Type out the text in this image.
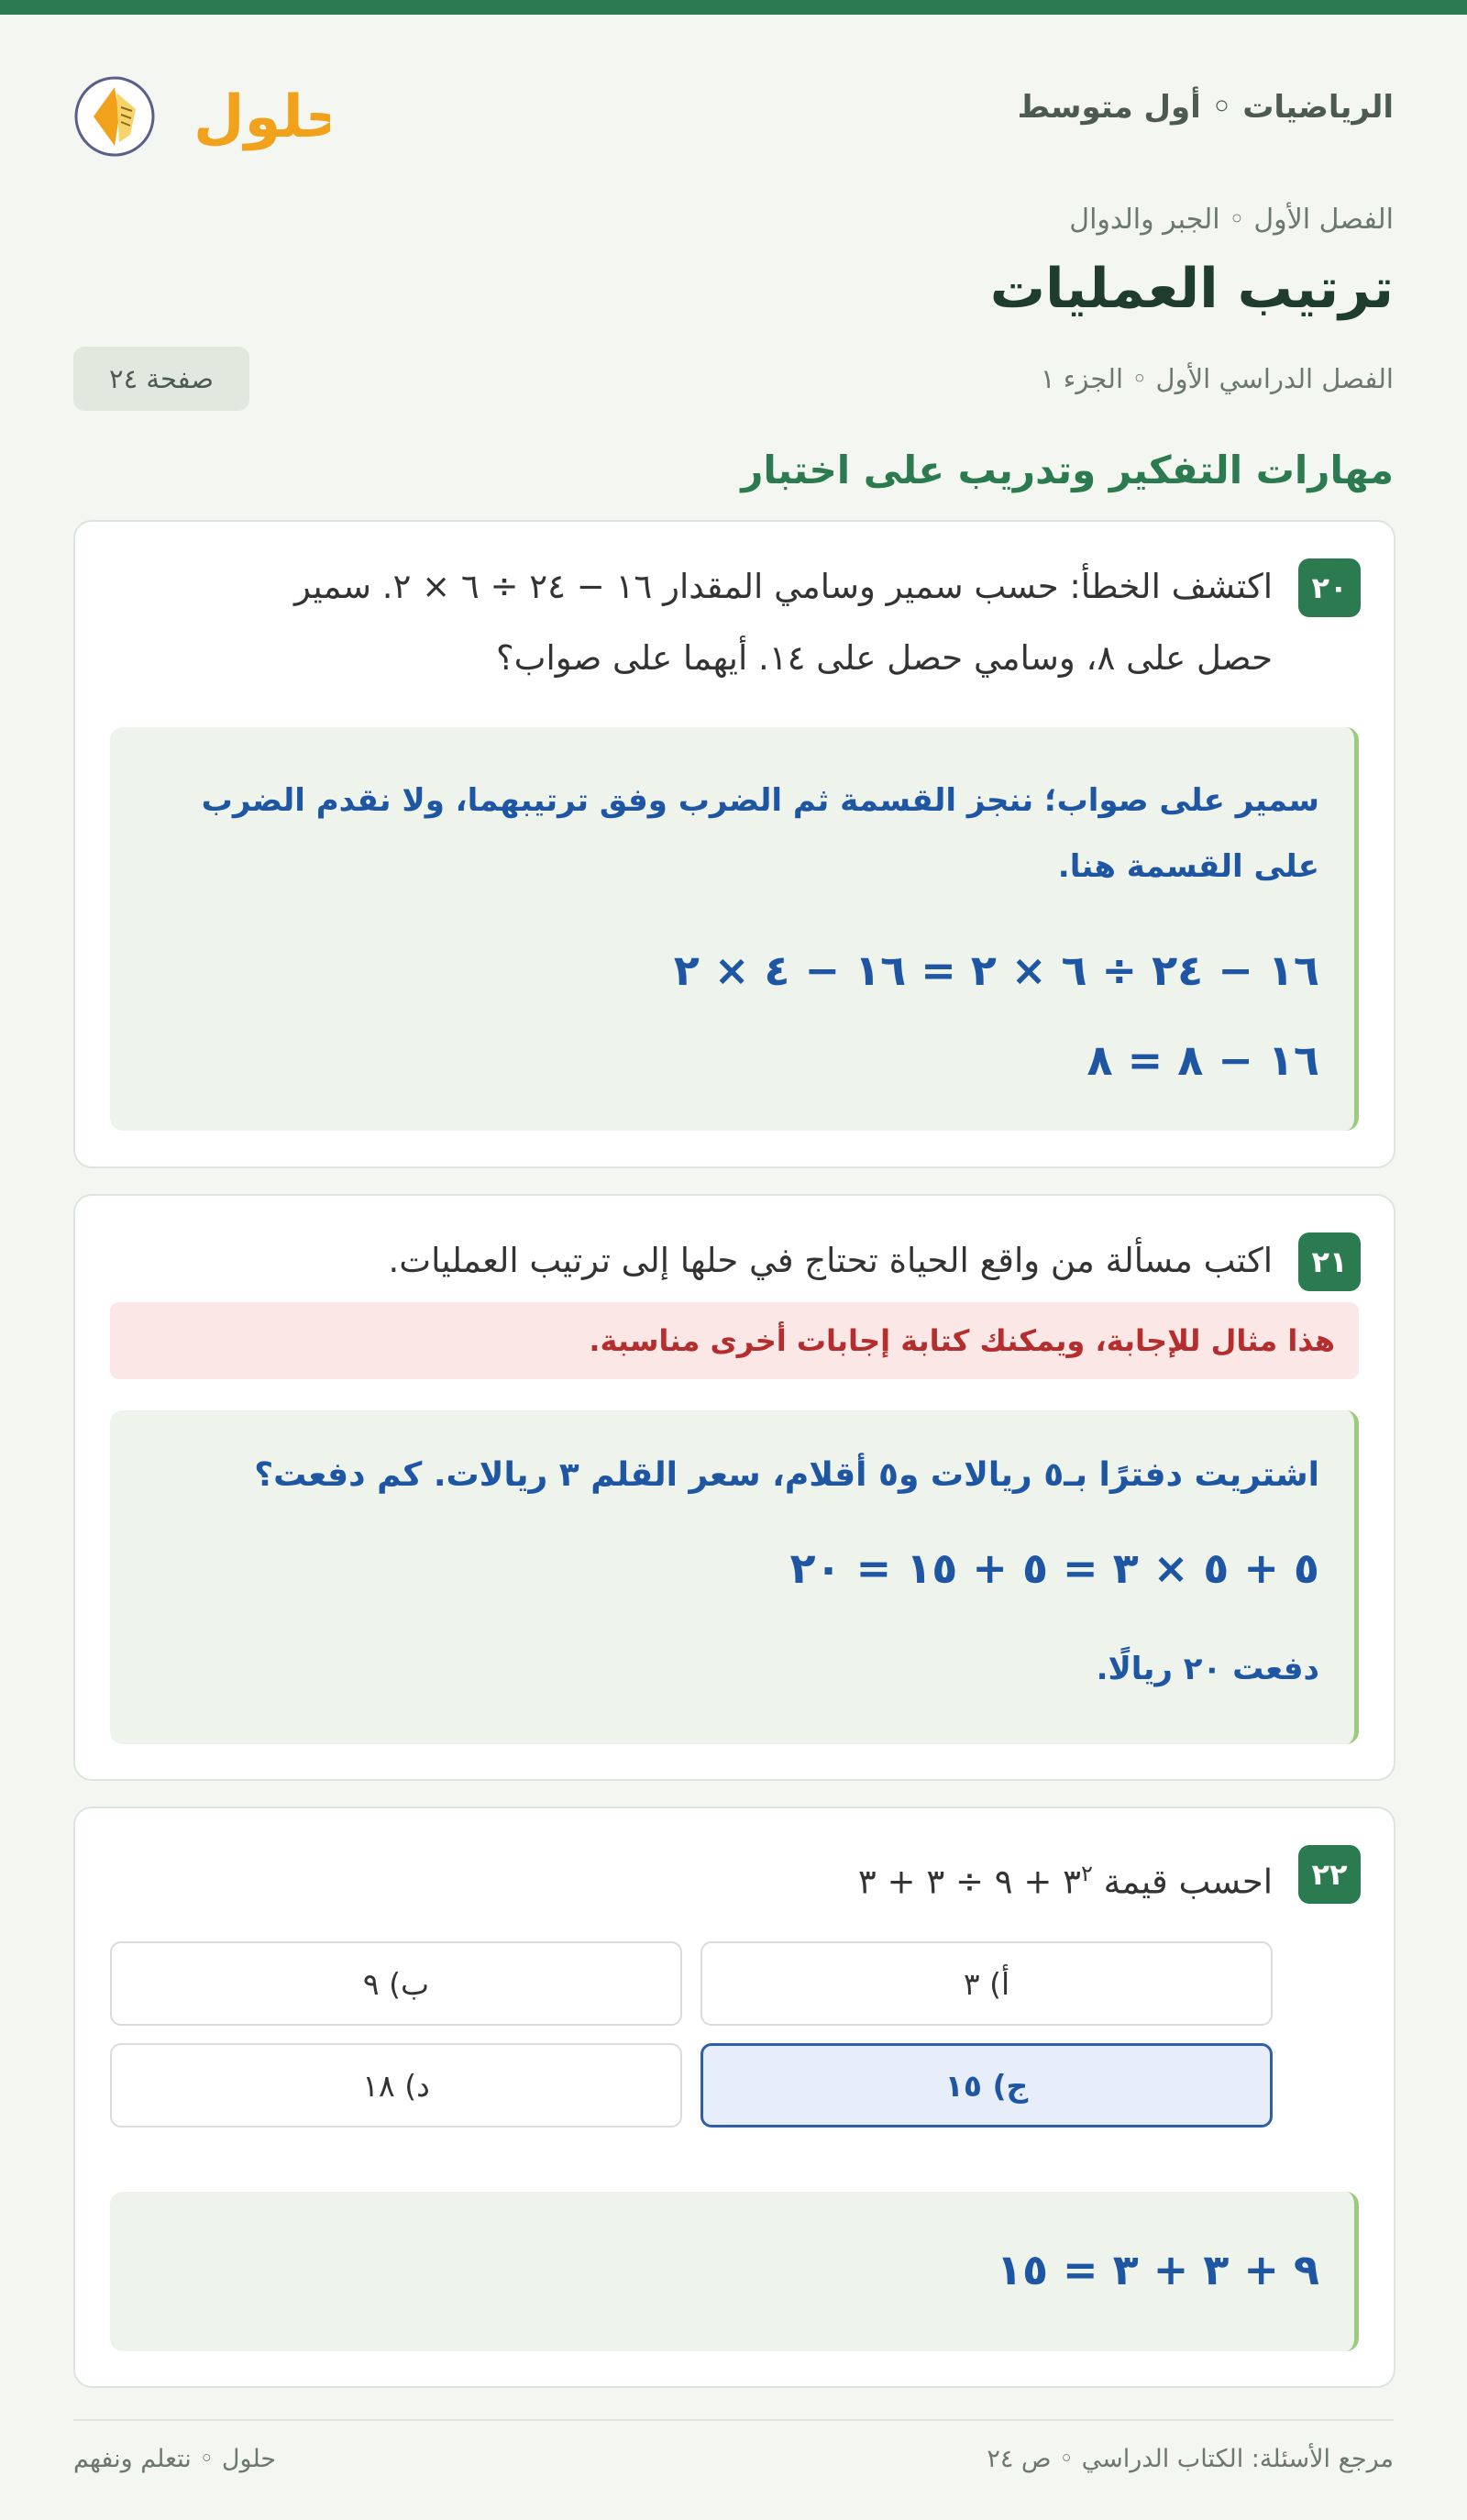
الرياضيات ◦ أول متوسط
حلول
الفصل الأول ◦ الجبر والدوال
ترتيب العمليات
الفصل الدراسي الأول ◦ الجزء ١
صفحة ٢٤
مهارات التفكير وتدريب على اختبار
٢٠
اكتشف الخطأ: حسب سمير وسامي المقدار ١٦ − ٢٤ ÷ ٦ × ٢. سمير
حصل على ٨، وسامي حصل على ١٤. أيهما على صواب؟
سمير على صواب؛ ننجز القسمة ثم الضرب وفق ترتيبهما، ولا نقدم الضرب
على القسمة هنا.
١٦ − ٢٤ ÷ ٦ × ٢ = ١٦ − ٤ × ٢
١٦ − ٨ = ٨
٢١
اكتب مسألة من واقع الحياة تحتاج في حلها إلى ترتيب العمليات.
هذا مثال للإجابة، ويمكنك كتابة إجابات أخرى مناسبة.
اشتريت دفترًا بـ٥ ريالات و٥ أقلام، سعر القلم ٣ ريالات. كم دفعت؟
٥ + ٥ × ٣ = ٥ + ١٥ = ٢٠
دفعت ٢٠ ريالًا.
٢٢
احسب قيمة $٣^٢$ + ٩ ÷ ٣ + ٣
أ) ٣
ب) ٩
ج) ١٥
د) ١٨
٩ + ٣ + ٣ = ١٥
مرجع الأسئلة: الكتاب الدراسي ◦ ص ٢٤
حلول ◦ نتعلم ونفهم
